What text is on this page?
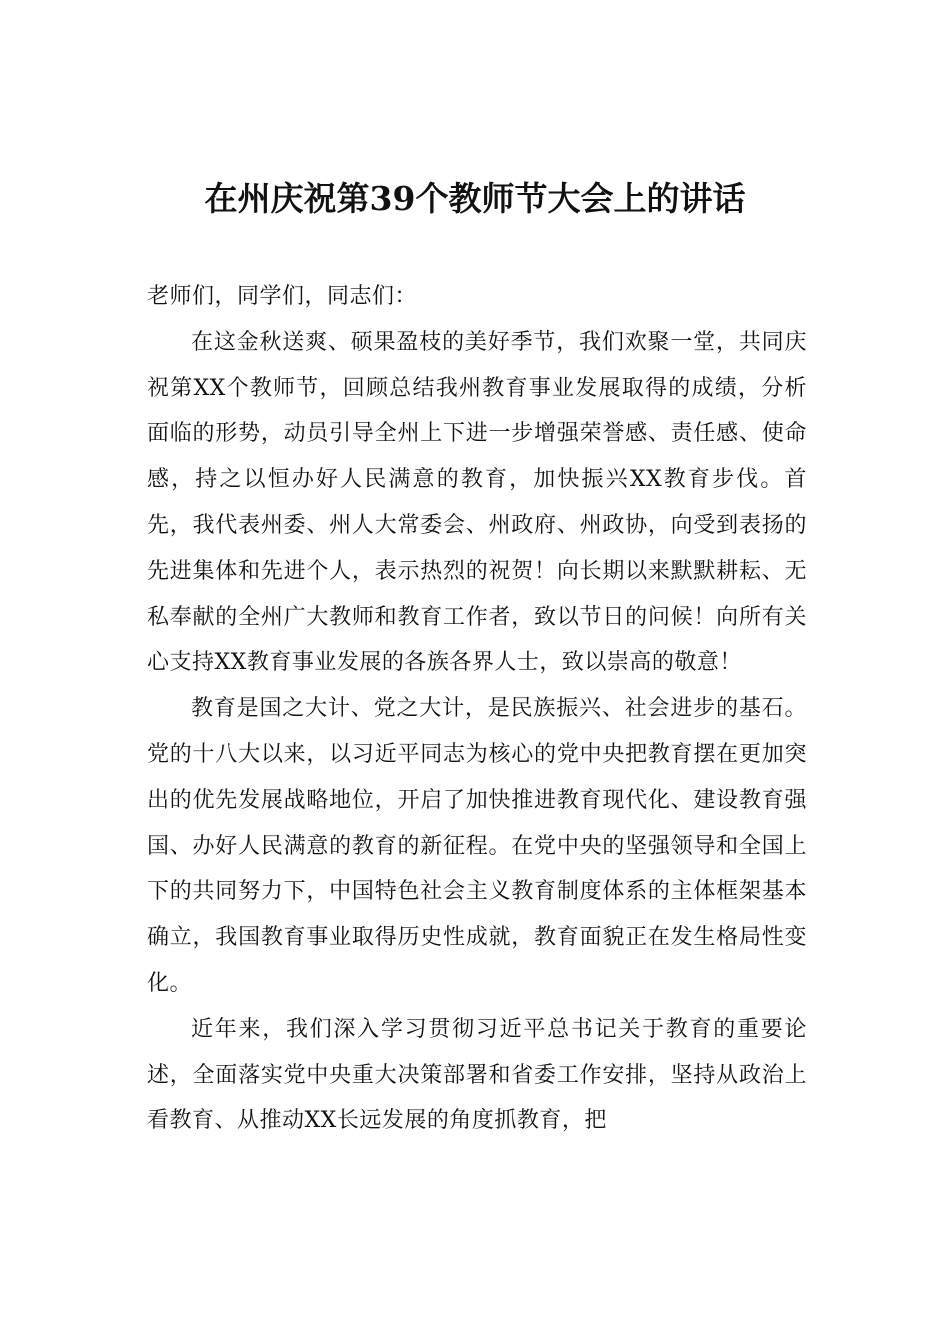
在州庆祝第39个教师节大会上的讲话

老师们，同学们，同志们：

在这金秋送爽、硕果盈枝的美好季节，我们欢聚一堂，共同庆祝第XX个教师节，回顾总结我州教育事业发展取得的成绩，分析面临的形势，动员引导全州上下进一步增强荣誉感、责任感、使命感，持之以恒办好人民满意的教育，加快振兴XX教育步伐。首先，我代表州委、州人大常委会、州政府、州政协，向受到表扬的先进集体和先进个人，表示热烈的祝贺！向长期以来默默耕耘、无私奉献的全州广大教师和教育工作者，致以节日的问候！向所有关心支持XX教育事业发展的各族各界人士，致以崇高的敬意！

教育是国之大计、党之大计，是民族振兴、社会进步的基石。党的十八大以来，以习近平同志为核心的党中央把教育摆在更加突出的优先发展战略地位，开启了加快推进教育现代化、建设教育强国、办好人民满意的教育的新征程。在党中央的坚强领导和全国上下的共同努力下，中国特色社会主义教育制度体系的主体框架基本确立，我国教育事业取得历史性成就，教育面貌正在发生格局性变化。

近年来，我们深入学习贯彻习近平总书记关于教育的重要论述，全面落实党中央重大决策部署和省委工作安排，坚持从政治上看教育、从推动XX长远发展的角度抓教育，把
